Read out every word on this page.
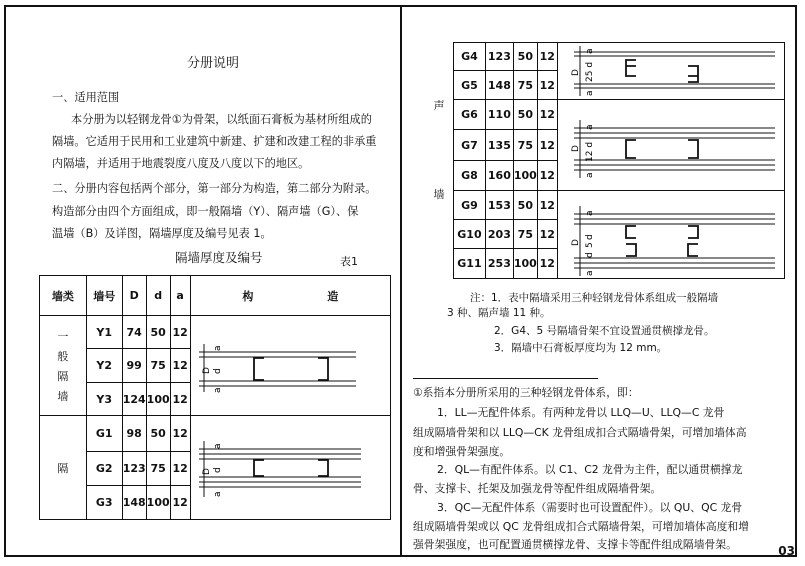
分册说明
一、适用范围
本分册为以轻钢龙骨①为骨架，以纸面石膏板为基材所组成的
隔墙。它适用于民用和工业建筑中新建、扩建和改建工程的非承重
内隔墙，并适用于地震裂度八度及八度以下的地区。
二、分册内容包括两个部分，第一部分为构造，第二部分为附录。
构造部分由四个方面组成，即一般隔墙（Y）、隔声墙（G）、保
温墙（B）及详图，隔墙厚度及编号见表 1。
隔墙厚度及编号	表1
墙类	墙号	D	d	a	构 造

一
般
隔
墙	Y1	74	50	12	
	Y2	99	75	12	
	Y3	124	100	12	
隔	G1	98	50	12	
	G2	123	75	12	
	G3	148	100	12	
a
d
D
a
a
d
D
a
声
墙
G4	123	50	12	
G5	148	75	12	
G6	110	50	12	
G7	135	75	12	
G8	160	100	12	
G9	153	50	12	
G10	203	75	12	
G11	253	100	12	
a
25 d
D
a
a
12 d
D
a
a
d
5
d
D
a
注：1．表中隔墙采用三种轻钢龙骨体系组成一般隔墙
3 种、隔声墙 11 种。
2．G4、5 号隔墙骨架不宜设置通贯横撑龙骨。
3．隔墙中石膏板厚度均为 12 mm。
①系指本分册所采用的三种轻钢龙骨体系，即：
1．LL—无配件体系。有两种龙骨以 LLQ—U、LLQ—C 龙骨
组成隔墙骨架和以 LLQ—CK 龙骨组成扣合式隔墙骨架，可增加墙体高
度和增强骨架强度。
2．QL—有配件体系。以 C1、C2 龙骨为主件，配以通贯横撑龙
骨、支撑卡、托架及加强龙骨等配件组成隔墙骨架。
3．QC—无配件体系（需要时也可设置配件）。以 QU、QC 龙骨
组成隔墙骨架或以 QC 龙骨组成扣合式隔墙骨架，可增加墙体高度和增
强骨架强度，也可配置通贯横撑龙骨、支撑卡等配件组成隔墙骨架。	03
